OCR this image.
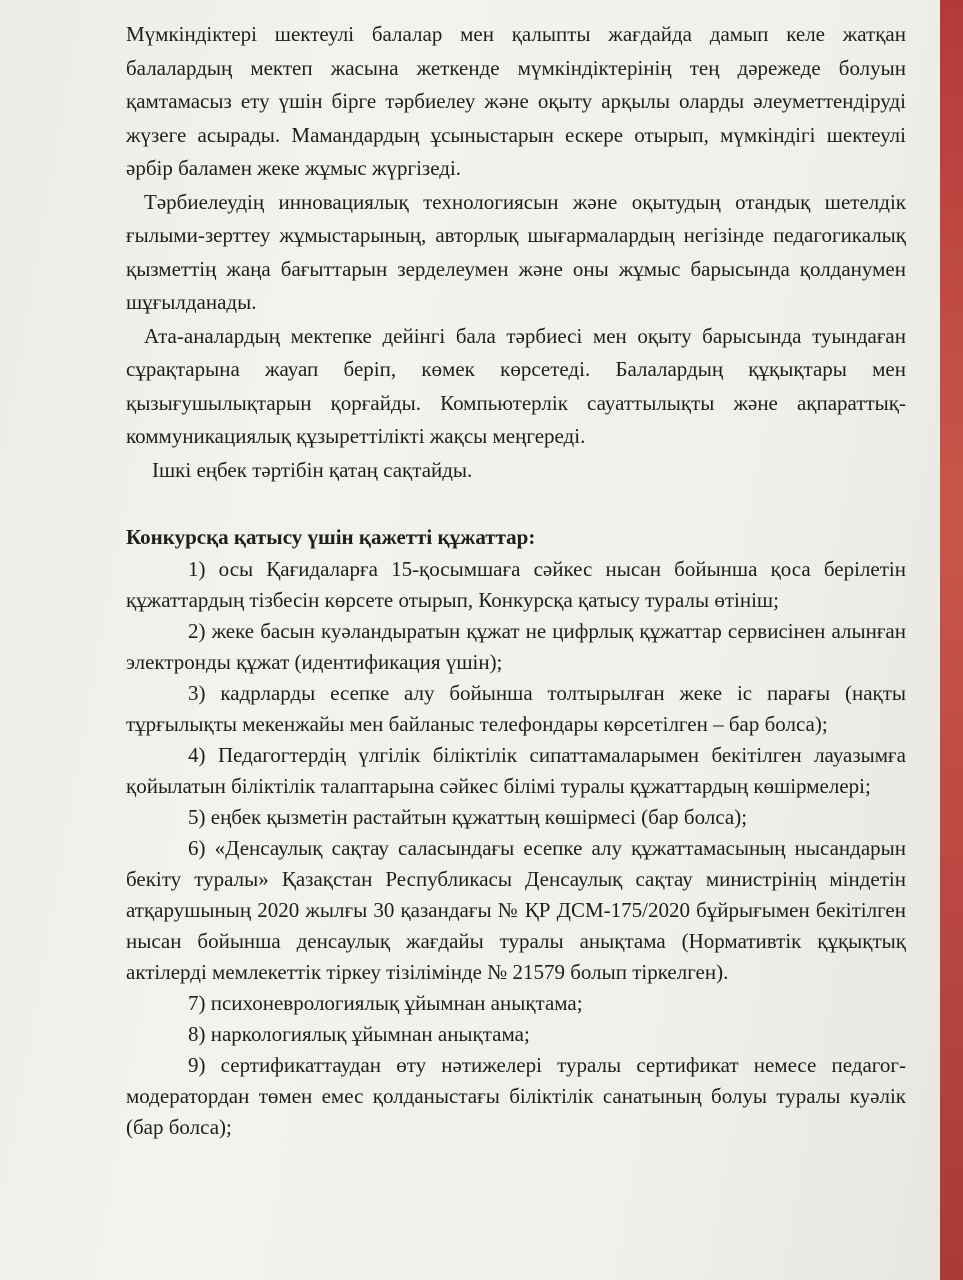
Мүмкіндіктері шектеулі балалар мен қалыпты жағдайда дамып келе жатқан балалардың мектеп жасына жеткенде мүмкіндіктерінің тең дәрежеде болуын қамтамасыз ету үшін бірге тәрбиелеу және оқыту арқылы оларды әлеуметтендіруді жүзеге асырады. Мамандардың ұсыныстарын ескере отырып, мүмкіндігі шектеулі әрбір баламен жеке жұмыс жүргізеді.

Тәрбиелеудің инновациялық технологиясын және оқытудың отандық шетелдік ғылыми-зерттеу жұмыстарының, авторлық шығармалардың негізінде педагогикалық қызметтің жаңа бағыттарын зерделеумен және оны жұмыс барысында қолданумен шұғылданады.

Ата-аналардың мектепке дейінгі бала тәрбиесі мен оқыту барысында туындаған сұрақтарына жауап беріп, көмек көрсетеді. Балалардың құқықтары мен қызығушылықтарын қорғайды. Компьютерлік сауаттылықты және ақпараттық-коммуникациялық құзыреттілікті жақсы меңгереді.

Ішкі еңбек тәртібін қатаң сақтайды.

Конкурсқа қатысу үшін қажетті құжаттар:

1) осы Қағидаларға 15-қосымшаға сәйкес нысан бойынша қоса берілетін құжаттардың тізбесін көрсете отырып, Конкурсқа қатысу туралы өтініш;

2) жеке басын куәландыратын құжат не цифрлық құжаттар сервисінен алынған электронды құжат (идентификация үшін);

3) кадрларды есепке алу бойынша толтырылған жеке іс парағы (нақты тұрғылықты мекенжайы мен байланыс телефондары көрсетілген – бар болса);

4) Педагогтердің үлгілік біліктілік сипаттамаларымен бекітілген лауазымға қойылатын біліктілік талаптарына сәйкес білімі туралы құжаттардың көшірмелері;

5) еңбек қызметін растайтын құжаттың көшірмесі (бар болса);

6) «Денсаулық сақтау саласындағы есепке алу құжаттамасының нысандарын бекіту туралы» Қазақстан Республикасы Денсаулық сақтау министрінің міндетін атқарушының 2020 жылғы 30 қазандағы № ҚР ДСМ-175/2020 бұйрығымен бекітілген нысан бойынша денсаулық жағдайы туралы анықтама (Нормативтік құқықтық актілерді мемлекеттік тіркеу тізілімінде № 21579 болып тіркелген).

7) психоневрологиялық ұйымнан анықтама;

8) наркологиялық ұйымнан анықтама;

9) сертификаттаудан өту нәтижелері туралы сертификат немесе педагог-модератордан төмен емес қолданыстағы біліктілік санатының болуы туралы куәлік (бар болса);
